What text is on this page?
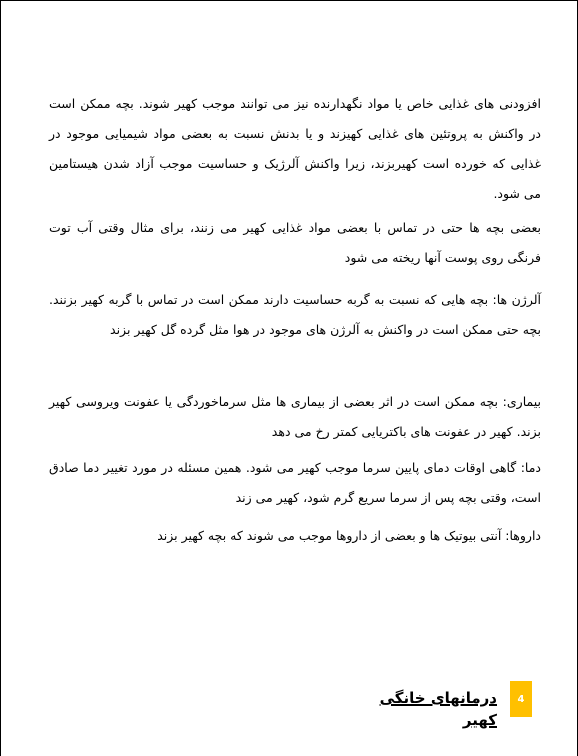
افزودنی های غذایی خاص یا مواد نگهدارنده نیز می توانند موجب کهیر شوند. بچه ممکن است در واکنش به پروتئین های غذایی کهیزند و یا بدنش نسبت به بعضی مواد شیمیایی موجود در غذایی که خورده است کهیربزند، زیرا واکنش آلرژیک و حساسیت موجب آزاد شدن هیستامین می شود.
بعضی بچه ها حتی در تماس با بعضی مواد غذایی کهیر می زنند، برای مثال وقتی آب توت فرنگی روی پوست آنها ریخته می شود
آلرژن ها: بچه هایی که نسبت به گربه حساسیت دارند ممکن است در تماس با گربه کهیر بزنند. بچه حتی ممکن است در واکنش به آلرژن های موجود در هوا مثل گرده گل کهیر بزند
بیماری: بچه ممکن است در اثر بعضی از بیماری ها مثل سرماخوردگی یا عفونت ویروسی کهیر بزند. کهیر در عفونت های باکتریایی کمتر رخ می دهد
دما: گاهی اوقات دمای پایین سرما موجب کهیر می شود. همین مسئله در مورد تغییر دما صادق است، وقتی بچه پس از سرما سریع گرم شود، کهیر می زند
داروها: آنتی بیوتیک ها و بعضی از داروها موجب می شوند که بچه کهیر بزند
درمانهای خانگی کهیر
4
